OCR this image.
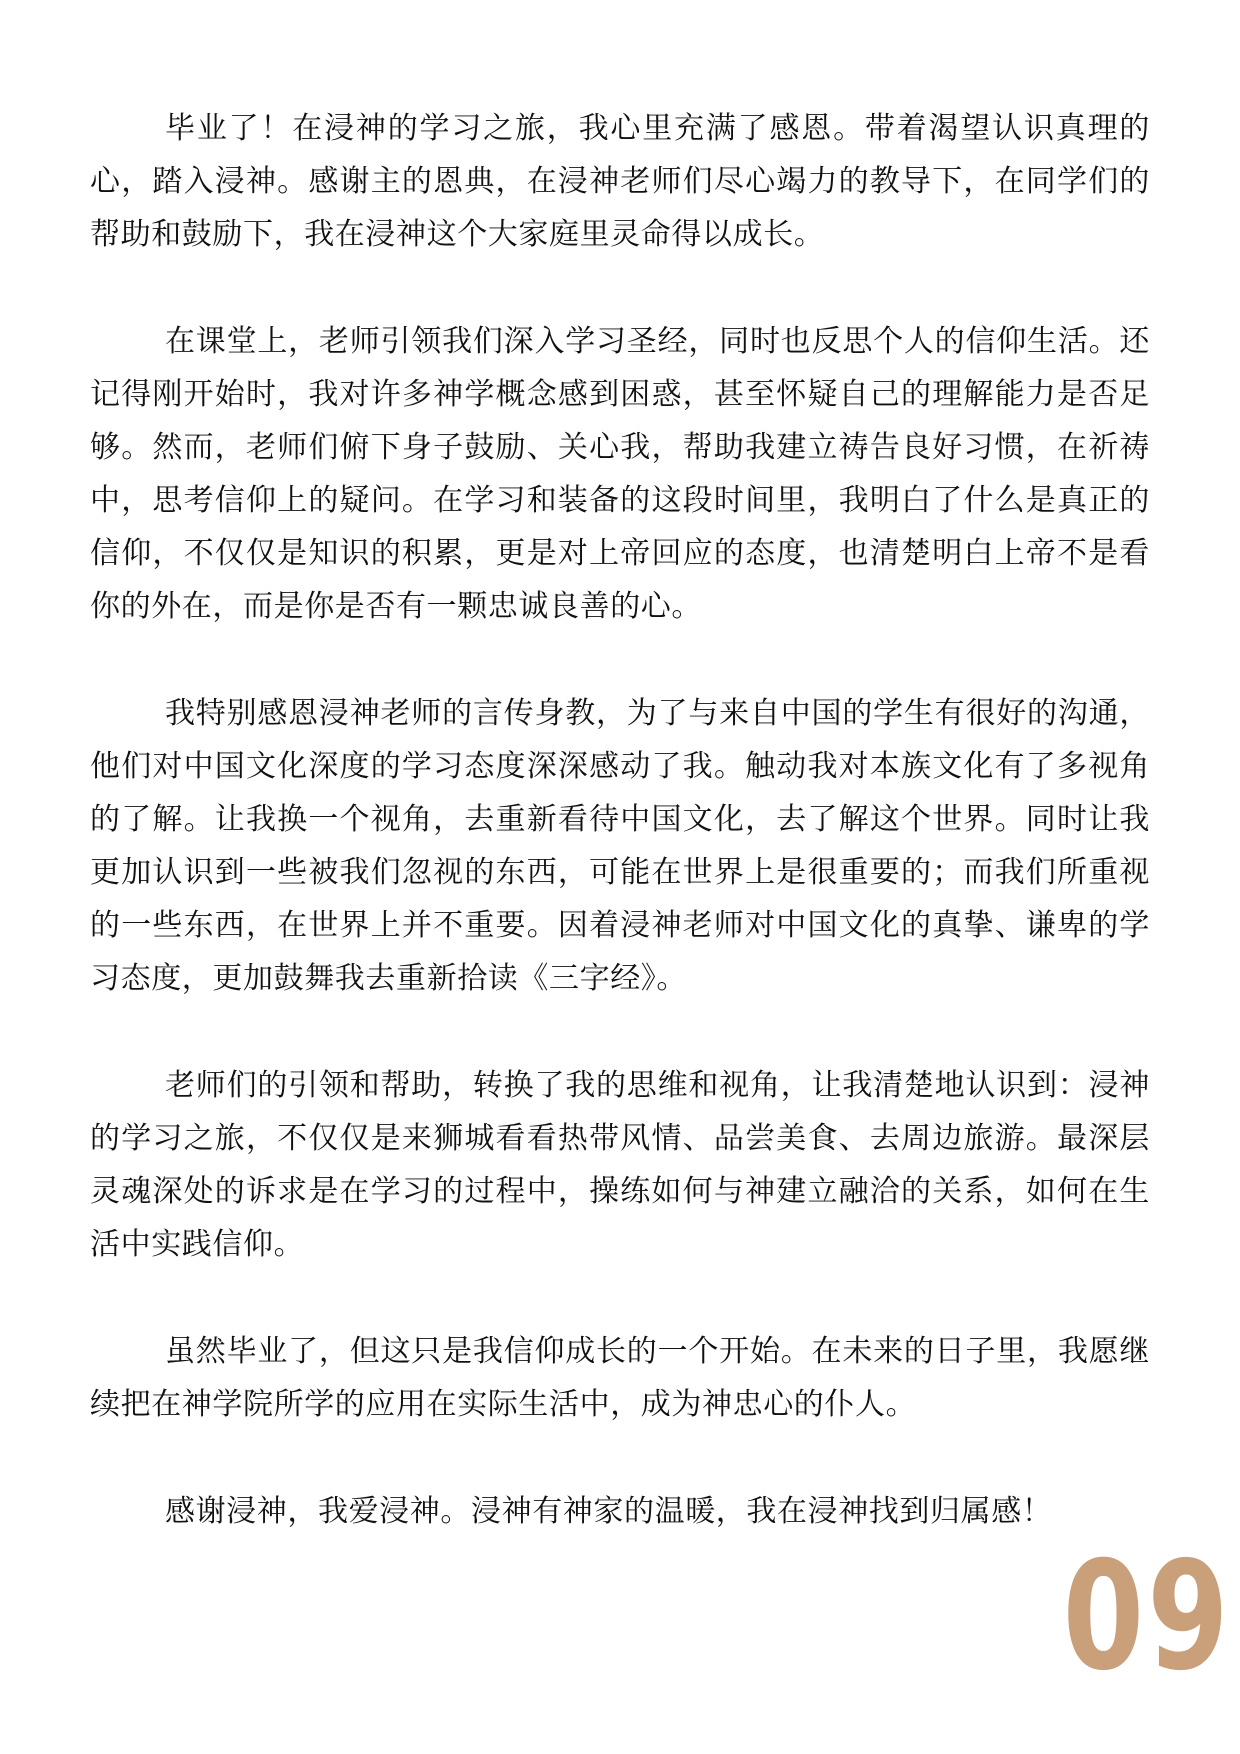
毕业了！在浸神的学习之旅，我心里充满了感恩。带着渴望认识真理的心，踏入浸神。感谢主的恩典，在浸神老师们尽心竭力的教导下，在同学们的帮助和鼓励下，我在浸神这个大家庭里灵命得以成长。

在课堂上，老师引领我们深入学习圣经，同时也反思个人的信仰生活。还记得刚开始时，我对许多神学概念感到困惑，甚至怀疑自己的理解能力是否足够。然而，老师们俯下身子鼓励、关心我，帮助我建立祷告良好习惯，在祈祷中，思考信仰上的疑问。在学习和装备的这段时间里，我明白了什么是真正的信仰，不仅仅是知识的积累，更是对上帝回应的态度，也清楚明白上帝不是看你的外在，而是你是否有一颗忠诚良善的心。

我特别感恩浸神老师的言传身教，为了与来自中国的学生有很好的沟通，他们对中国文化深度的学习态度深深感动了我。触动我对本族文化有了多视角的了解。让我换一个视角，去重新看待中国文化，去了解这个世界。同时让我更加认识到一些被我们忽视的东西，可能在世界上是很重要的；而我们所重视的一些东西，在世界上并不重要。因着浸神老师对中国文化的真挚、谦卑的学习态度，更加鼓舞我去重新拾读《三字经》。

老师们的引领和帮助，转换了我的思维和视角，让我清楚地认识到：浸神的学习之旅，不仅仅是来狮城看看热带风情、品尝美食、去周边旅游。最深层灵魂深处的诉求是在学习的过程中，操练如何与神建立融洽的关系，如何在生活中实践信仰。

虽然毕业了，但这只是我信仰成长的一个开始。在未来的日子里，我愿继续把在神学院所学的应用在实际生活中，成为神忠心的仆人。

感谢浸神，我爱浸神。浸神有神家的温暖，我在浸神找到归属感！

09
